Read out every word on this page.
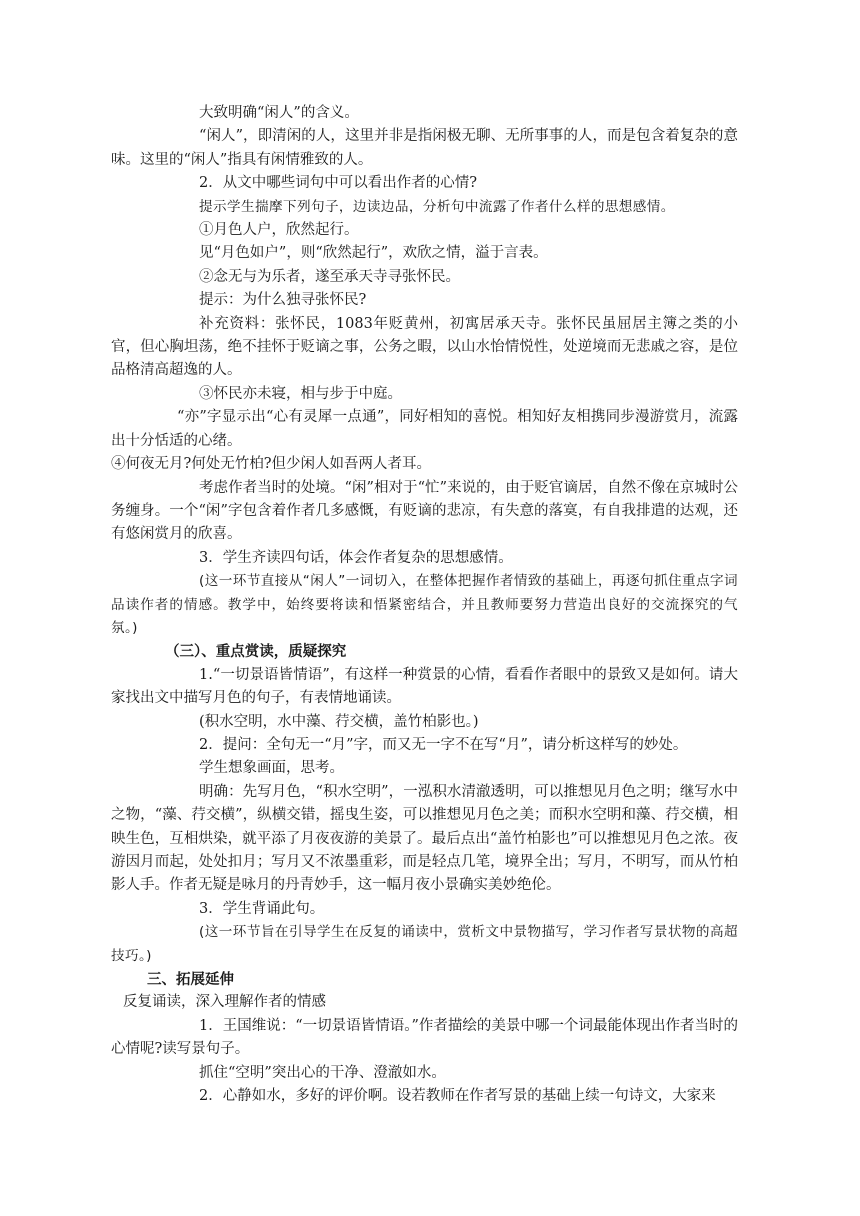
大致明确“闲人”的含义。

“闲人”，即清闲的人，这里并非是指闲极无聊、无所事事的人，而是包含着复杂的意味。这里的“闲人”指具有闲情雅致的人。

2．从文中哪些词句中可以看出作者的心情?

提示学生揣摩下列句子，边读边品，分析句中流露了作者什么样的思想感情。

①月色人户，欣然起行。

见“月色如户”，则“欣然起行”，欢欣之情，溢于言表。

②念无与为乐者，遂至承天寺寻张怀民。

提示：为什么独寻张怀民?

补充资料：张怀民，1083年贬黄州，初寓居承天寺。张怀民虽屈居主簿之类的小官，但心胸坦荡，绝不挂怀于贬谪之事，公务之暇，以山水怡情悦性，处逆境而无悲戚之容，是位品格清高超逸的人。

③怀民亦未寝，相与步于中庭。

“亦”字显示出“心有灵犀一点通”，同好相知的喜悦。相知好友相携同步漫游赏月，流露出十分恬适的心绪。

④何夜无月?何处无竹柏?但少闲人如吾两人者耳。

考虑作者当时的处境。“闲”相对于“忙”来说的，由于贬官谪居，自然不像在京城时公务缠身。一个“闲”字包含着作者几多感慨，有贬谪的悲凉，有失意的落寞，有自我排遣的达观，还有悠闲赏月的欣喜。

3．学生齐读四句话，体会作者复杂的思想感情。

(这一环节直接从“闲人”一词切入，在整体把握作者情致的基础上，再逐句抓住重点字词品读作者的情感。教学中，始终要将读和悟紧密结合，并且教师要努力营造出良好的交流探究的气氛。)

（三）、重点赏读，质疑探究

1.“一切景语皆情语”，有这样一种赏景的心情，看看作者眼中的景致又是如何。请大家找出文中描写月色的句子，有表情地诵读。

(积水空明，水中藻、荇交横，盖竹柏影也。)

2．提问：全句无一“月”字，而又无一字不在写“月”，请分析这样写的妙处。

学生想象画面，思考。

明确：先写月色，“积水空明”，一泓积水清澈透明，可以推想见月色之明；继写水中之物，“藻、荇交横”，纵横交错，摇曳生姿，可以推想见月色之美；而积水空明和藻、荇交横，相映生色，互相烘染，就平添了月夜夜游的美景了。最后点出“盖竹柏影也”可以推想见月色之浓。夜游因月而起，处处扣月；写月又不浓墨重彩，而是轻点几笔，境界全出；写月，不明写，而从竹柏影人手。作者无疑是咏月的丹青妙手，这一幅月夜小景确实美妙绝伦。

3．学生背诵此句。

(这一环节旨在引导学生在反复的诵读中，赏析文中景物描写，学习作者写景状物的高超技巧。)

三、拓展延伸

反复诵读，深入理解作者的情感

1．王国维说：“一切景语皆情语。”作者描绘的美景中哪一个词最能体现出作者当时的心情呢?读写景句子。

抓住“空明”突出心的干净、澄澈如水。

2．心静如水，多好的评价啊。设若教师在作者写景的基础上续一句诗文，大家来
